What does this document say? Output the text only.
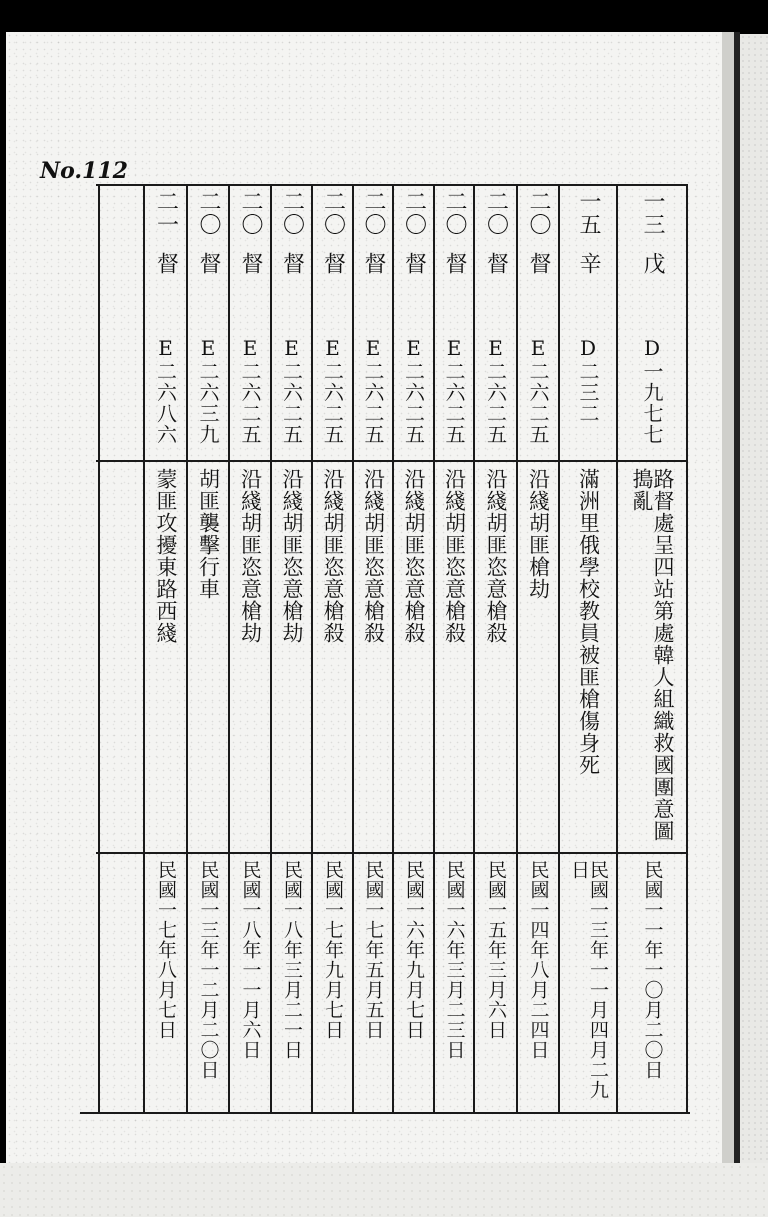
No.112
一三
戊
D一九七七
路督處呈四站第處韓人組織救國團意圖搗亂
民國一一年一〇月二〇日
一五
辛
D二三二
滿洲里俄學校教員被匪槍傷身死
民國一三年一一月四月二九日
二〇
督
E二六二五
沿綫胡匪槍劫
民國一四年八月二四日
二〇
督
E二六二五
沿綫胡匪恣意槍殺
民國一五年三月六日
二〇
督
E二六二五
沿綫胡匪恣意槍殺
民國一六年三月二三日
二〇
督
E二六二五
沿綫胡匪恣意槍殺
民國一六年九月七日
二〇
督
E二六二五
沿綫胡匪恣意槍殺
民國一七年五月五日
二〇
督
E二六二五
沿綫胡匪恣意槍殺
民國一七年九月七日
二〇
督
E二六二五
沿綫胡匪恣意槍劫
民國一八年三月二一日
二〇
督
E二六二五
沿綫胡匪恣意槍劫
民國一八年一一月六日
二〇
督
E二六三九
胡匪襲擊行車
民國一三年一二月二〇日
二一
督
E二六八六
蒙匪攻擾東路西綫
民國一七年八月七日
